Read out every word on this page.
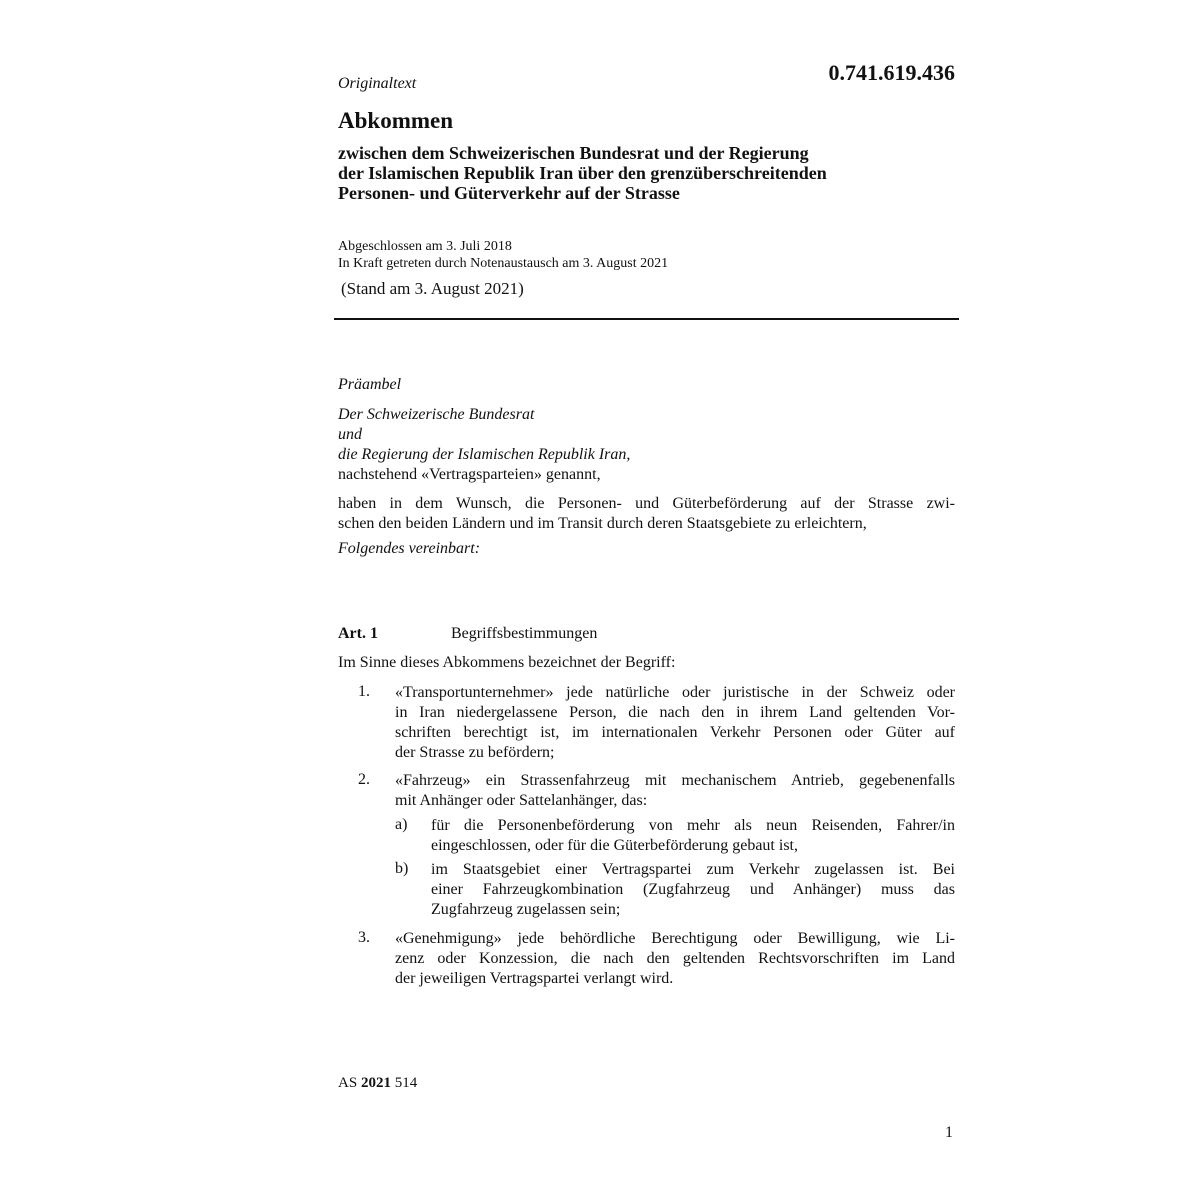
Originaltext	0.741.619.436
Abkommen
zwischen dem Schweizerischen Bundesrat und der Regierung
der Islamischen Republik Iran über den grenzüberschreitenden
Personen- und Güterverkehr auf der Strasse
Abgeschlossen am 3. Juli 2018
In Kraft getreten durch Notenaustausch am 3. August 2021
(Stand am 3. August 2021)
Präambel
Der Schweizerische Bundesrat
und
die Regierung der Islamischen Republik Iran,
nachstehend «Vertragsparteien» genannt,
haben in dem Wunsch, die Personen- und Güterbeförderung auf der Strasse zwi-
schen den beiden Ländern und im Transit durch deren Staatsgebiete zu erleichtern,
Folgendes vereinbart:
Art. 1	Begriffsbestimmungen
Im Sinne dieses Abkommens bezeichnet der Begriff:
1. «Transportunternehmer» jede natürliche oder juristische in der Schweiz oder
in Iran niedergelassene Person, die nach den in ihrem Land geltenden Vor-
schriften berechtigt ist, im internationalen Verkehr Personen oder Güter auf
der Strasse zu befördern;
2. «Fahrzeug» ein Strassenfahrzeug mit mechanischem Antrieb, gegebenenfalls
mit Anhänger oder Sattelanhänger, das:
a) für die Personenbeförderung von mehr als neun Reisenden, Fahrer/in
eingeschlossen, oder für die Güterbeförderung gebaut ist,
b) im Staatsgebiet einer Vertragspartei zum Verkehr zugelassen ist. Bei
einer Fahrzeugkombination (Zugfahrzeug und Anhänger) muss das
Zugfahrzeug zugelassen sein;
3. «Genehmigung» jede behördliche Berechtigung oder Bewilligung, wie Li-
zenz oder Konzession, die nach den geltenden Rechtsvorschriften im Land
der jeweiligen Vertragspartei verlangt wird.
AS 2021 514
1
